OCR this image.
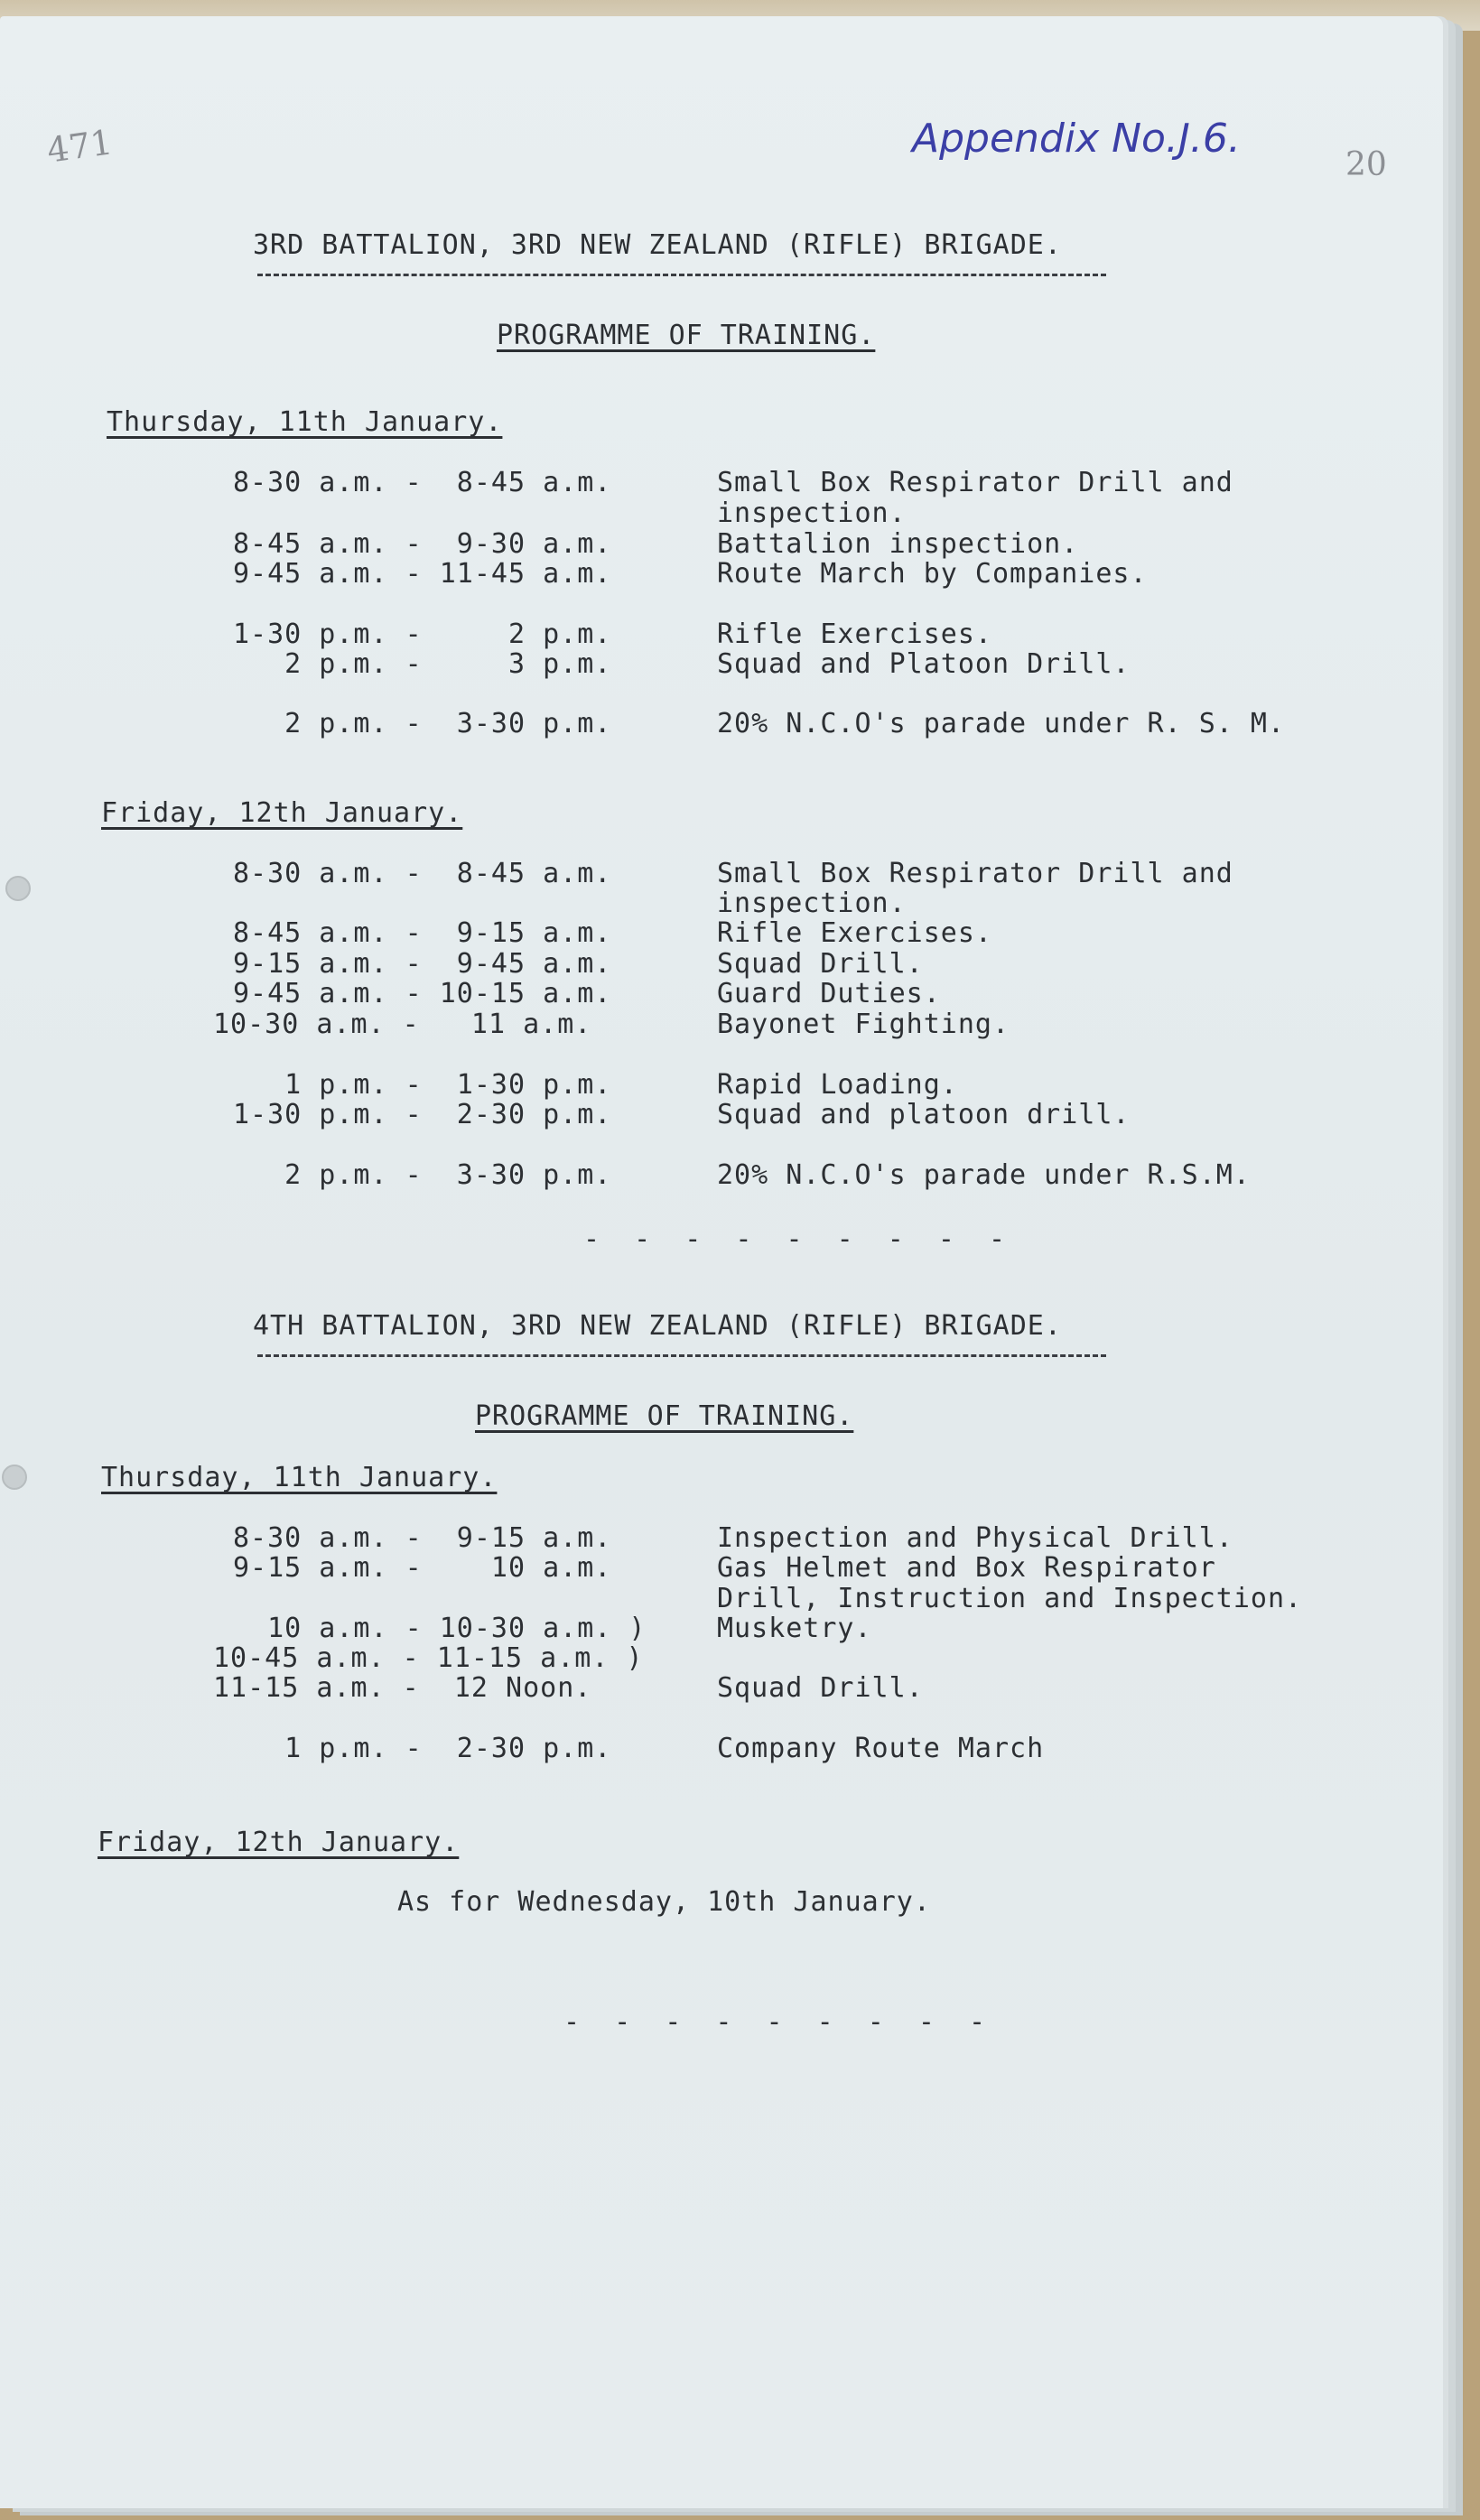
471	Appendix No.J.6.
20
3RD BATTALION, 3RD NEW ZEALAND (RIFLE) BRIGADE.
PROGRAMME OF TRAINING.
Thursday, 11th January.
8-30 a.m. -  8-45 a.m.	Small Box Respirator Drill and
inspection.
8-45 a.m. -  9-30 a.m.	Battalion inspection.
9-45 a.m. - 11-45 a.m.	Route March by Companies.
1-30 p.m. -     2 p.m.	Rifle Exercises.
2 p.m. -     3 p.m.	Squad and Platoon Drill.
2 p.m. -  3-30 p.m.	20% N.C.O's parade under R. S. M.
Friday, 12th January.
8-30 a.m. -  8-45 a.m.	Small Box Respirator Drill and
inspection.
8-45 a.m. -  9-15 a.m.	Rifle Exercises.
9-15 a.m. -  9-45 a.m.	Squad Drill.
9-45 a.m. - 10-15 a.m.	Guard Duties.
10-30 a.m. -   11 a.m.	Bayonet Fighting.
1 p.m. -  1-30 p.m.	Rapid Loading.
1-30 p.m. -  2-30 p.m.	Squad and platoon drill.
2 p.m. -  3-30 p.m.	20% N.C.O's parade under R.S.M.
- - - - - - - - -
4TH BATTALION, 3RD NEW ZEALAND (RIFLE) BRIGADE.
PROGRAMME OF TRAINING.
Thursday, 11th January.
8-30 a.m. -  9-15 a.m.	Inspection and Physical Drill.
9-15 a.m. -    10 a.m.	Gas Helmet and Box Respirator
Drill, Instruction and Inspection.
10 a.m. - 10-30 a.m. )	Musketry.
10-45 a.m. - 11-15 a.m. )
11-15 a.m. -  12 Noon.	Squad Drill.
1 p.m. -  2-30 p.m.	Company Route March
Friday, 12th January.
As for Wednesday, 10th January.
- - - - - - - - -
